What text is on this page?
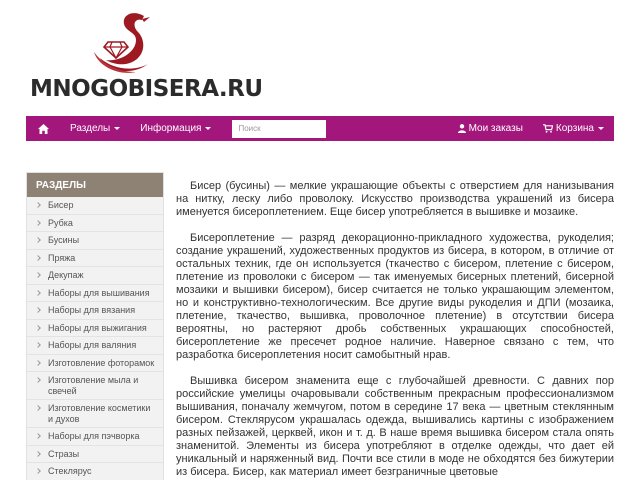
MNOGOBISERA.RU
Разделы	Информация
Поиск	Мои заказы	Корзина
РАЗДЕЛЫ
Бисер
Рубка
Бусины
Пряжа
Декупаж
Наборы для вышивания
Наборы для вязания
Наборы для выжигания
Наборы для валяния
Изготовление фоторамок
Изготовление мыла и свечей
Изготовление косметики и духов
Наборы для пэчворка
Стразы
Стеклярус

Бисер (бусины) — мелкие украшающие объекты с отверстием для нанизывания на нитку, леску либо проволоку. Искусство производства украшений из бисера именуется бисероплетением. Еще бисер употребляется в вышивке и мозаике.

Бисероплетение — разряд декорационно-прикладного художества, рукоделия; создание украшений, художественных продуктов из бисера, в котором, в отличие от остальных техник, где он используется (ткачество с бисером, плетение с бисером, плетение из проволоки с бисером — так именуемых бисерных плетений, бисерной мозаики и вышивки бисером), бисер считается не только украшающим элементом, но и конструктивно-технологическим. Все другие виды рукоделия и ДПИ (мозаика, плетение, ткачество, вышивка, проволочное плетение) в отсутствии бисера вероятны, но растеряют дробь собственных украшающих способностей, бисероплетение же пресечет родное наличие. Наверное связано с тем, что разработка бисероплетения носит самобытный нрав.

Вышивка бисером знаменита еще с глубочайшей древности. С давних пор российские умелицы очаровывали собственным прекрасным профессионализмом вышивания, поначалу жемчугом, потом в середине 17 века — цветным стеклянным бисером. Стеклярусом украшалась одежда, вышивались картины с изображением разных пейзажей, церквей, икон и т. д. В наше время вышивка бисером стала опять знаменитой. Элементы из бисера употребляют в отделке одежды, что дает ей уникальный и наряженный вид. Почти все стили в моде не обходятся без бижутерии из бисера. Бисер, как материал имеет безграничные цветовые
